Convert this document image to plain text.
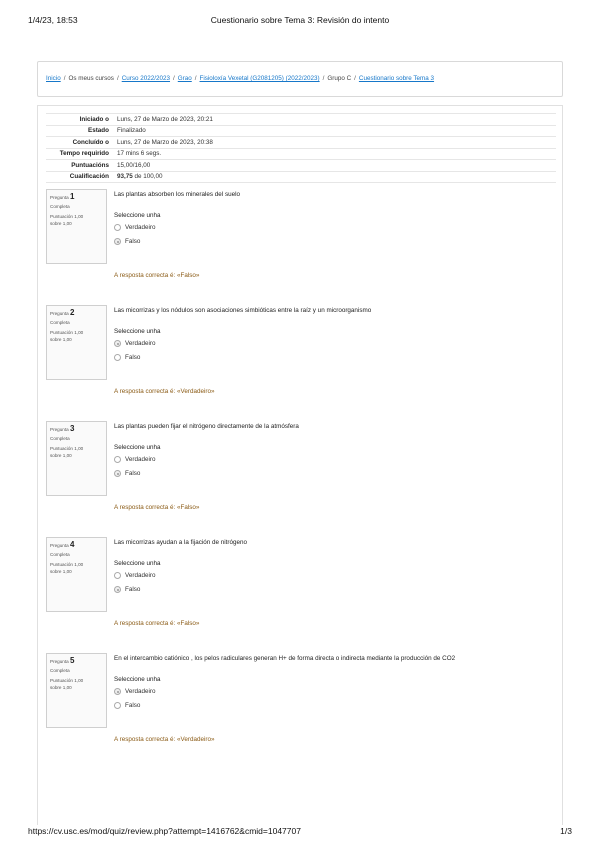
1/4/23, 18:53	Cuestionario sobre Tema 3: Revisión do intento
Inicio / Os meus cursos / Curso 2022/2023 / Grao / Fisioloxía Vexetal (G2081205) (2022/2023) / Grupo C / Cuestionario sobre Tema 3
Iniciado o	Luns, 27 de Marzo de 2023, 20:21
Estado	Finalizado
Concluído o	Luns, 27 de Marzo de 2023, 20:38
Tempo requirido	17 mins 6 segs.
Puntuacións	15,00/16,00
Cualificación	93,75 de 100,00
Pregunta 1
Completa
Puntuación 1,00
sobre 1,00
Las plantas absorben los minerales del suelo
Seleccione unha
Verdadeiro
Falso
A resposta correcta é: «Falso»
Pregunta 2
Completa
Puntuación 1,00
sobre 1,00
Las micorrizas y los nódulos son asociaciones simbióticas entre la raíz y un microorganismo
Seleccione unha
Verdadeiro
Falso
A resposta correcta é: «Verdadeiro»
Pregunta 3
Completa
Puntuación 1,00
sobre 1,00
Las plantas pueden fijar el nitrógeno directamente de la atmósfera
Seleccione unha
Verdadeiro
Falso
A resposta correcta é: «Falso»
Pregunta 4
Completa
Puntuación 1,00
sobre 1,00
Las micorrizas ayudan a la fijación de nitrógeno
Seleccione unha
Verdadeiro
Falso
A resposta correcta é: «Falso»
Pregunta 5
Completa
Puntuación 1,00
sobre 1,00
En el intercambio catiónico , los pelos radiculares generan H+ de forma directa o indirecta mediante la producción de CO2
Seleccione unha
Verdadeiro
Falso
A resposta correcta é: «Verdadeiro»
https://cv.usc.es/mod/quiz/review.php?attempt=1416762&cmid=1047707	1/3
